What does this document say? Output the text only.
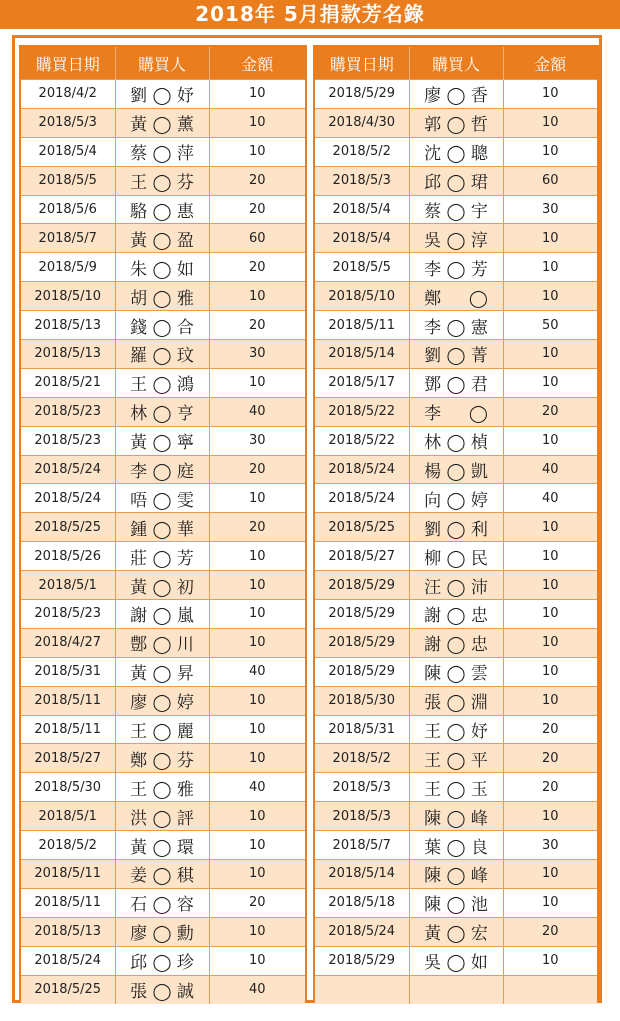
2018年 5月捐款芳名錄
購買日期	購買人	金額
2018/4/2	劉 ◯ 妤	10
2018/5/3	黃 ◯ 薰	10
2018/5/4	蔡 ◯ 萍	10
2018/5/5	王 ◯ 芬	20
2018/5/6	駱 ◯ 惠	20
2018/5/7	黃 ◯ 盈	60
2018/5/9	朱 ◯ 如	20
2018/5/10	胡 ◯ 雅	10
2018/5/13	錢 ◯ 合	20
2018/5/13	羅 ◯ 玟	30
2018/5/21	王 ◯ 鴻	10
2018/5/23	林 ◯ 亨	40
2018/5/23	黃 ◯ 寧	30
2018/5/24	李 ◯ 庭	20
2018/5/24	唔 ◯ 雯	10
2018/5/25	鍾 ◯ 華	20
2018/5/26	莊 ◯ 芳	10
2018/5/1	黃 ◯ 初	10
2018/5/23	謝 ◯ 嵐	10
2018/4/27	鄷 ◯ 川	10
2018/5/31	黃 ◯ 昇	40
2018/5/11	廖 ◯ 婷	10
2018/5/11	王 ◯ 麗	10
2018/5/27	鄭 ◯ 芬	10
2018/5/30	王 ◯ 雅	40
2018/5/1	洪 ◯ 評	10
2018/5/2	黃 ◯ 環	10
2018/5/11	姜 ◯ 稘	10
2018/5/11	石 ◯ 容	20
2018/5/13	廖 ◯ 勳	10
2018/5/24	邱 ◯ 珍	10
2018/5/25	張 ◯ 誠	40
購買日期	購買人	金額
2018/5/29	廖 ◯ 香	10
2018/4/30	郭 ◯ 哲	10
2018/5/2	沈 ◯ 聰	10
2018/5/3	邱 ◯ 珺	60
2018/5/4	蔡 ◯ 宇	30
2018/5/4	吳 ◯ 淳	10
2018/5/5	李 ◯ 芳	10
2018/5/10	鄭 　 ◯	10
2018/5/11	李 ◯ 憲	50
2018/5/14	劉 ◯ 菁	10
2018/5/17	鄧 ◯ 君	10
2018/5/22	李 　 ◯	20
2018/5/22	林 ◯ 楨	10
2018/5/24	楊 ◯ 凱	40
2018/5/24	向 ◯ 婷	40
2018/5/25	劉 ◯ 利	10
2018/5/27	柳 ◯ 民	10
2018/5/29	汪 ◯ 沛	10
2018/5/29	謝 ◯ 忠	10
2018/5/29	謝 ◯ 忠	10
2018/5/29	陳 ◯ 雲	10
2018/5/30	張 ◯ 淵	10
2018/5/31	王 ◯ 妤	20
2018/5/2	王 ◯ 平	20
2018/5/3	王 ◯ 玉	20
2018/5/3	陳 ◯ 峰	10
2018/5/7	葉 ◯ 良	30
2018/5/14	陳 ◯ 峰	10
2018/5/18	陳 ◯ 池	10
2018/5/24	黃 ◯ 宏	20
2018/5/29	吳 ◯ 如	10
